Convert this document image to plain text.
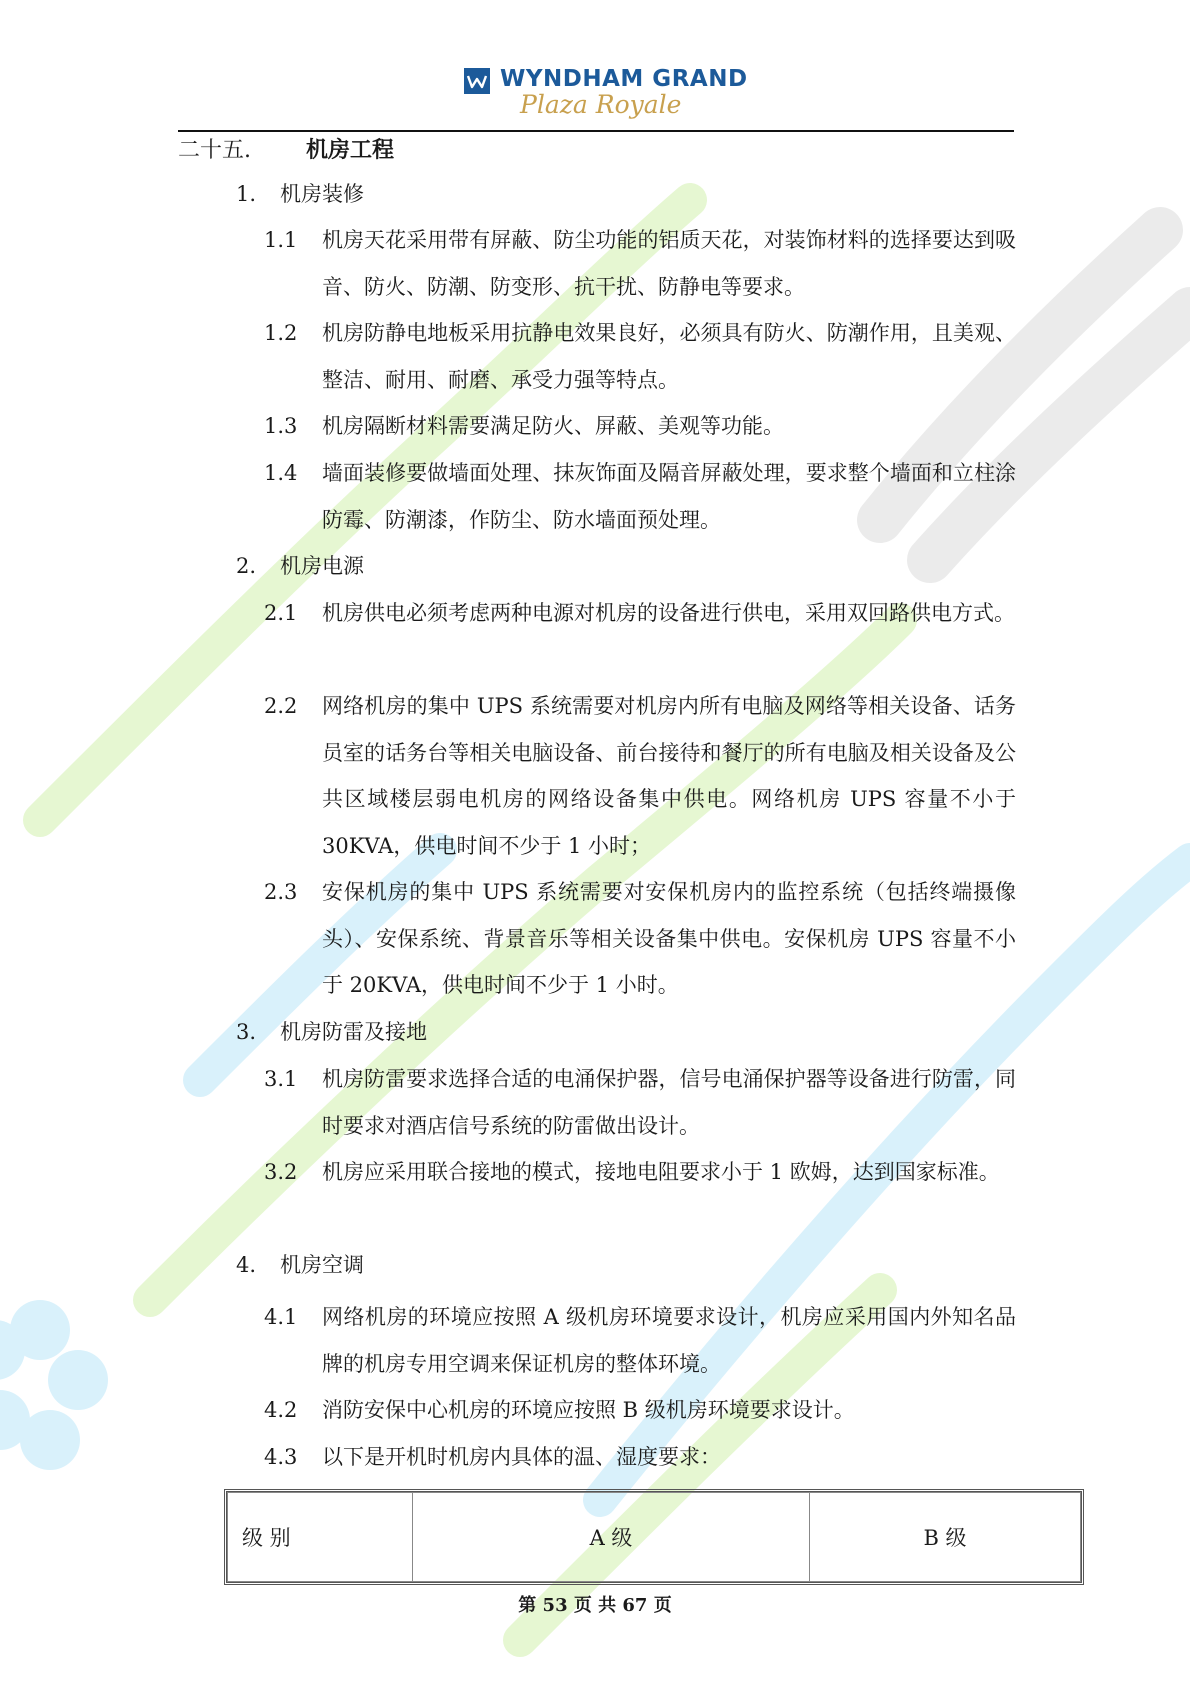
WYNDHAM GRAND
Plaza Royale
二十五.	机房工程
1. 机房装修
1.1	机房天花采用带有屏蔽、防尘功能的铝质天花，对装饰材料的选择要达到吸音、防火、防潮、防变形、抗干扰、防静电等要求。
1.2	机房防静电地板采用抗静电效果良好，必须具有防火、防潮作用，且美观、整洁、耐用、耐磨、承受力强等特点。
1.3	机房隔断材料需要满足防火、屏蔽、美观等功能。
1.4	墙面装修要做墙面处理、抹灰饰面及隔音屏蔽处理，要求整个墙面和立柱涂防霉、防潮漆，作防尘、防水墙面预处理。
2. 机房电源
2.1	机房供电必须考虑两种电源对机房的设备进行供电，采用双回路供电方式。
2.2	网络机房的集中 UPS 系统需要对机房内所有电脑及网络等相关设备、话务员室的话务台等相关电脑设备、前台接待和餐厅的所有电脑及相关设备及公共区域楼层弱电机房的网络设备集中供电。网络机房 UPS 容量不小于 30KVA，供电时间不少于 1 小时；
2.3	安保机房的集中 UPS 系统需要对安保机房内的监控系统（包括终端摄像头）、安保系统、背景音乐等相关设备集中供电。安保机房 UPS 容量不小于 20KVA，供电时间不少于 1 小时。
3. 机房防雷及接地
3.1	机房防雷要求选择合适的电涌保护器，信号电涌保护器等设备进行防雷，同时要求对酒店信号系统的防雷做出设计。
3.2	机房应采用联合接地的模式，接地电阻要求小于 1 欧姆，达到国家标准。
4. 机房空调
4.1	网络机房的环境应按照 A 级机房环境要求设计，机房应采用国内外知名品牌的机房专用空调来保证机房的整体环境。
4.2	消防安保中心机房的环境应按照 B 级机房环境要求设计。
4.3	以下是开机时机房内具体的温、湿度要求：
级 别	A 级	B 级
第 53 页 共 67 页
